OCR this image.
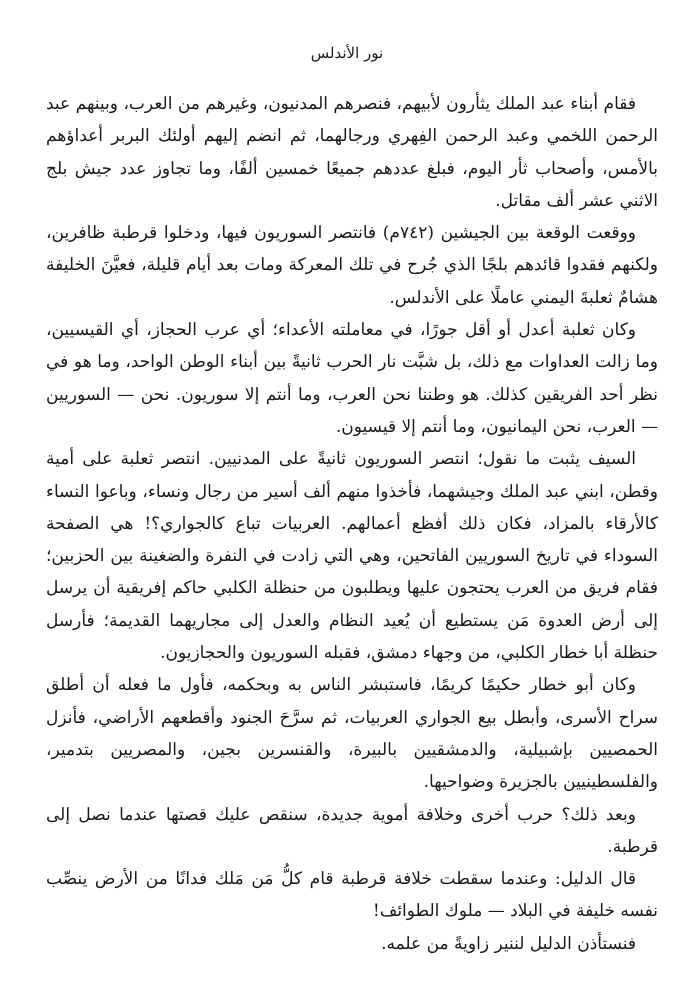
نور الأندلس

فقام أبناء عبد الملك يثأرون لأبيهم، فنصرهم المدنيون، وغيرهم من العرب، وبينهم عبد الرحمن اللخمي وعبد الرحمن الفِهري ورجالهما، ثم انضم إليهم أولئك البربر أعداؤهم بالأمس، وأصحاب ثأر اليوم، فبلغ عددهم جميعًا خمسين ألفًا، وما تجاوز عدد جيش بلج الاثني عشر ألف مقاتل.

ووقعت الوقعة بين الجيشين (٧٤٢م) فانتصر السوريون فيها، ودخلوا قرطبة ظافرين، ولكنهم فقدوا قائدهم بلجًا الذي جُرح في تلك المعركة ومات بعد أيام قليلة، فعيَّنَ الخليفة هشامٌ ثعلبةَ اليمني عاملًا على الأندلس.

وكان ثعلبة أعدل أو أقل جورًا، في معاملته الأعداء؛ أي عرب الحجاز، أي القيسيين، وما زالت العداوات مع ذلك، بل شبَّت نار الحرب ثانيةً بين أبناء الوطن الواحد، وما هو في نظر أحد الفريقين كذلك. هو وطننا نحن العرب، وما أنتم إلا سوريون. نحن — السوريين — العرب، نحن اليمانيون، وما أنتم إلا قيسيون.

السيف يثبت ما نقول؛ انتصر السوريون ثانيةً على المدنيين. انتصر ثعلبة على أمية وقطن، ابني عبد الملك وجيشهما، فأخذوا منهم ألف أسير من رجال ونساء، وباعوا النساء كالأرقاء بالمزاد، فكان ذلك أفظع أعمالهم. العربيات تباع كالجواري؟! هي الصفحة السوداء في تاريخ السوريين الفاتحين، وهي التي زادت في النفرة والضغينة بين الحزبين؛ فقام فريق من العرب يحتجون عليها ويطلبون من حنظلة الكلبي حاكم إفريقية أن يرسل إلى أرض العدوة مَن يستطيع أن يُعيد النظام والعدل إلى مجاريهما القديمة؛ فأرسل حنظلة أبا خطار الكلبي، من وجهاء دمشق، فقبله السوريون والحجازيون.

وكان أبو خطار حكيمًا كريمًا، فاستبشر الناس به وبحكمه، فأول ما فعله أن أطلق سراح الأسرى، وأبطل بيع الجواري العربيات، ثم سرَّحَ الجنود وأقطعهم الأراضي، فأنزل الحمصيين بإشبيلية، والدمشقيين بالبيرة، والقنسرين بجين، والمصريين بتدمير، والفلسطينيين بالجزيرة وضواحيها.

وبعد ذلك؟ حرب أخرى وخلافة أموية جديدة، سنقص عليك قصتها عندما نصل إلى قرطبة.

قال الدليل: وعندما سقطت خلافة قرطبة قام كلُّ مَن مَلك فدانًا من الأرض ينصِّب نفسه خليفة في البلاد — ملوك الطوائف!

فنستأذن الدليل لننير زاويةً من علمه.
